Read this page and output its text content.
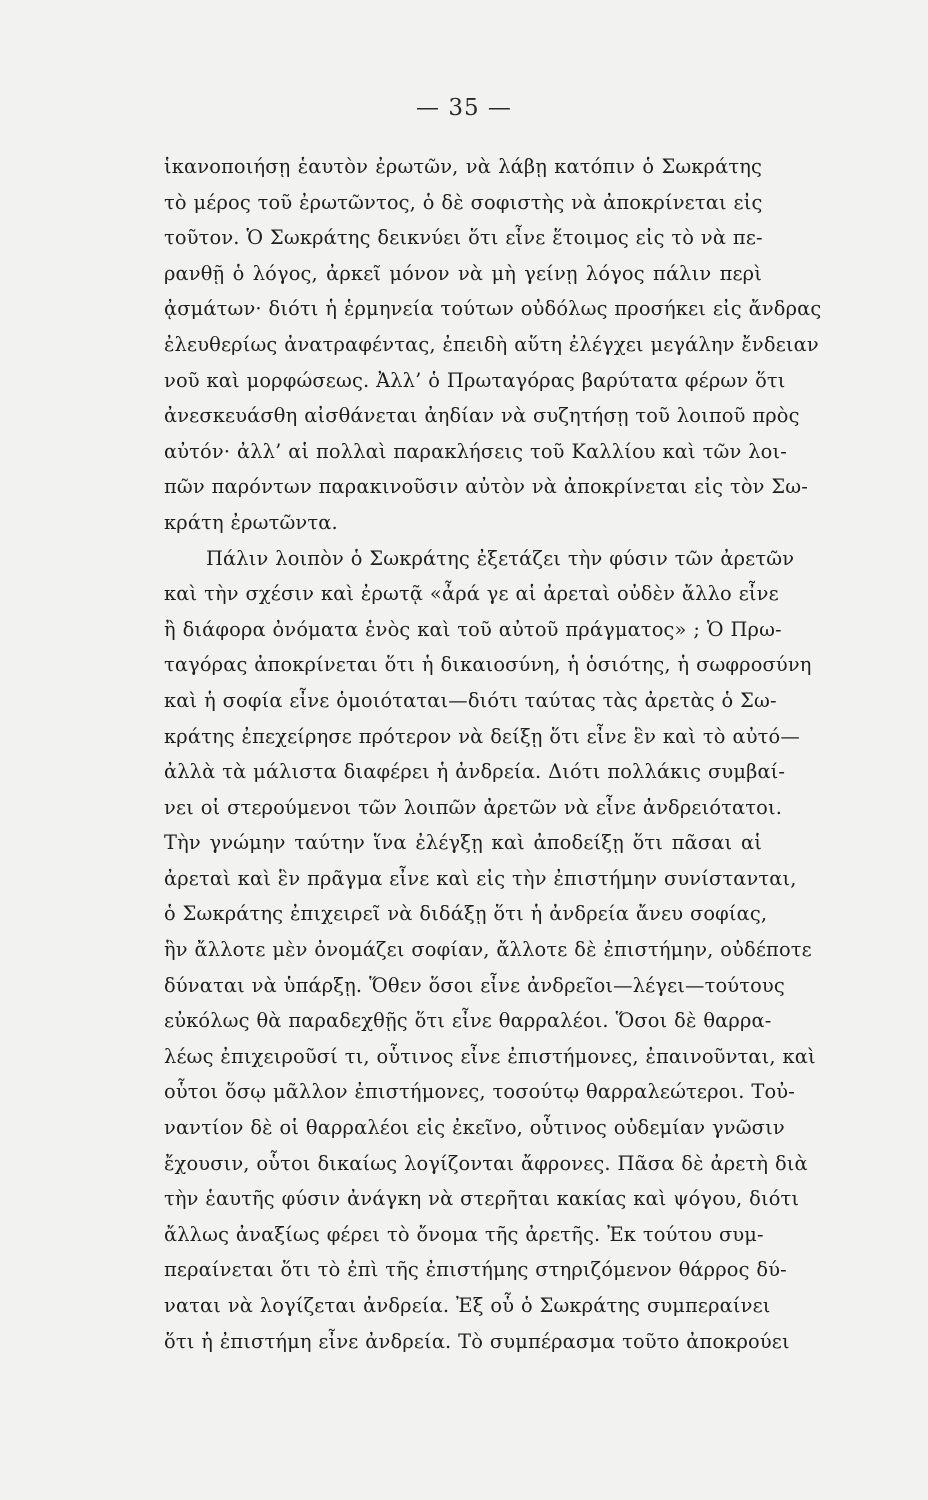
— 35 —
ἱκανοποιήσῃ ἑαυτὸν ἐρωτῶν, νὰ λάβῃ κατόπιν ὁ Σωκράτης
τὸ μέρος τοῦ ἐρωτῶντος, ὁ δὲ σοφιστὴς νὰ ἀποκρίνεται εἰς
τοῦτον. Ὁ Σωκράτης δεικνύει ὅτι εἶνε ἕτοιμος εἰς τὸ νὰ πε-
ρανθῇ ὁ λόγος, ἀρκεῖ μόνον νὰ μὴ γείνῃ λόγος πάλιν περὶ
ᾀσμάτων· διότι ἡ ἑρμηνεία τούτων οὐδόλως προσήκει εἰς ἄνδρας
ἐλευθερίως ἀνατραφέντας, ἐπειδὴ αὕτη ἐλέγχει μεγάλην ἔνδειαν
νοῦ καὶ μορφώσεως. Ἀλλ’ ὁ Πρωταγόρας βαρύτατα φέρων ὅτι
ἀνεσκευάσθη αἰσθάνεται ἀηδίαν νὰ συζητήσῃ τοῦ λοιποῦ πρὸς
αὐτόν· ἀλλ’ αἱ πολλαὶ παρακλήσεις τοῦ Καλλίου καὶ τῶν λοι-
πῶν παρόντων παρακινοῦσιν αὐτὸν νὰ ἀποκρίνεται εἰς τὸν Σω-
κράτη ἐρωτῶντα.
Πάλιν λοιπὸν ὁ Σωκράτης ἐξετάζει τὴν φύσιν τῶν ἀρετῶν
καὶ τὴν σχέσιν καὶ ἐρωτᾷ «ἆρά γε αἱ ἀρεταὶ οὐδὲν ἄλλο εἶνε
ἢ διάφορα ὀνόματα ἑνὸς καὶ τοῦ αὐτοῦ πράγματος» ; Ὁ Πρω-
ταγόρας ἀποκρίνεται ὅτι ἡ δικαιοσύνη, ἡ ὁσιότης, ἡ σωφροσύνη
καὶ ἡ σοφία εἶνε ὁμοιόταται—διότι ταύτας τὰς ἀρετὰς ὁ Σω-
κράτης ἐπεχείρησε πρότερον νὰ δείξῃ ὅτι εἶνε ἓν καὶ τὸ αὐτό—
ἀλλὰ τὰ μάλιστα διαφέρει ἡ ἀνδρεία. Διότι πολλάκις συμβαί-
νει οἱ στερούμενοι τῶν λοιπῶν ἀρετῶν νὰ εἶνε ἀνδρειότατοι.
Τὴν γνώμην ταύτην ἵνα ἐλέγξῃ καὶ ἀποδείξῃ ὅτι πᾶσαι αἱ
ἀρεταὶ καὶ ἓν πρᾶγμα εἶνε καὶ εἰς τὴν ἐπιστήμην συνίστανται,
ὁ Σωκράτης ἐπιχειρεῖ νὰ διδάξῃ ὅτι ἡ ἀνδρεία ἄνευ σοφίας,
ἣν ἄλλοτε μὲν ὀνομάζει σοφίαν, ἄλλοτε δὲ ἐπιστήμην, οὐδέποτε
δύναται νὰ ὑπάρξῃ. Ὅθεν ὅσοι εἶνε ἀνδρεῖοι—λέγει—τούτους
εὐκόλως θὰ παραδεχθῇς ὅτι εἶνε θαρραλέοι. Ὅσοι δὲ θαρρα-
λέως ἐπιχειροῦσί τι, οὗτινος εἶνε ἐπιστήμονες, ἐπαινοῦνται, καὶ
οὗτοι ὅσῳ μᾶλλον ἐπιστήμονες, τοσούτῳ θαρραλεώτεροι. Τοὐ-
ναντίον δὲ οἱ θαρραλέοι εἰς ἐκεῖνο, οὗτινος οὐδεμίαν γνῶσιν
ἔχουσιν, οὗτοι δικαίως λογίζονται ἄφρονες. Πᾶσα δὲ ἀρετὴ διὰ
τὴν ἑαυτῆς φύσιν ἀνάγκη νὰ στερῆται κακίας καὶ ψόγου, διότι
ἄλλως ἀναξίως φέρει τὸ ὄνομα τῆς ἀρετῆς. Ἐκ τούτου συμ-
περαίνεται ὅτι τὸ ἐπὶ τῆς ἐπιστήμης στηριζόμενον θάρρος δύ-
ναται νὰ λογίζεται ἀνδρεία. Ἐξ οὗ ὁ Σωκράτης συμπεραίνει
ὅτι ἡ ἐπιστήμη εἶνε ἀνδρεία. Τὸ συμπέρασμα τοῦτο ἀποκρούει
